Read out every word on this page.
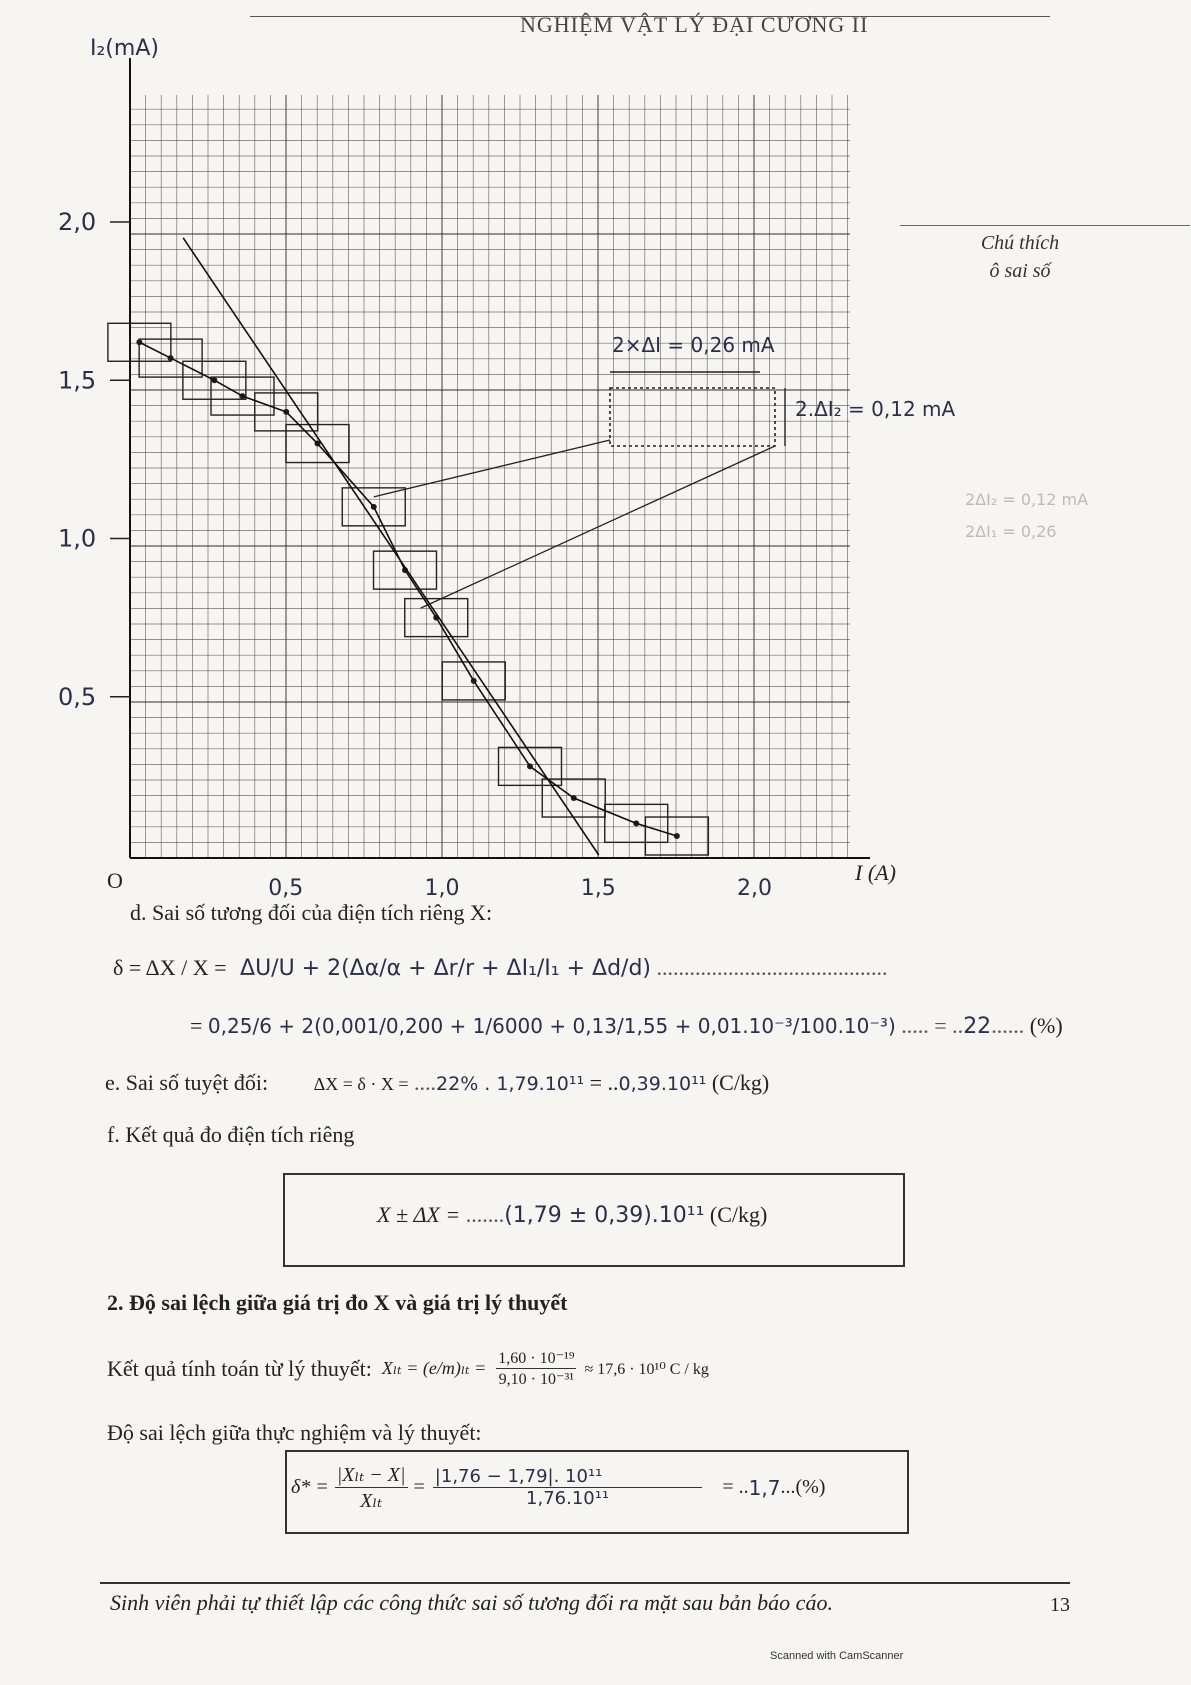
NGHIỆM VẬT LÝ ĐẠI CƯƠNG II
2,0
1,5
1,0
0,5
0,5	1,0	1,5	2,0
I₂(mA)
I (A)
O
2×ΔI = 0,26 mA
2.ΔI₂ = 0,12 mA
Chú thích
ô sai số
2ΔI₂ = 0,12 mA
2ΔI₁ = 0,26
d. Sai số tương đối của điện tích riêng X:
δ = ΔX / X = ΔU/U + 2(Δα/α + Δr/r + ΔI₁/I₁ + Δd/d) ..........................................
= 0,25/6 + 2(0,001/0,200 + 1/6000 + 0,13/1,55 + 0,01.10⁻³/100.10⁻³) ..... = ..22...... (%)
e. Sai số tuyệt đối:	ΔX = δ · X = ....22% . 1,79.10¹¹ = ..0,39.10¹¹ (C/kg)
f. Kết quả đo điện tích riêng
X ± ΔX = .......(1,79 ± 0,39).10¹¹ (C/kg)
2. Độ sai lệch giữa giá trị đo X và giá trị lý thuyết
Kết quả tính toán từ lý thuyết: $X_{lt} = (e/m)_{lt} = \frac{\text{1,60 · 10⁻¹⁹}}{\text{9,10 · 10⁻³¹}} \approx 17,6 \cdot 10^{10}$ C / kg
Độ sai lệch giữa thực nghiệm và lý thuyết:
$\delta* = \frac{\text{|Xₗₜ − X|}}{\text{Xₗₜ}} = \frac{\text{|1,76 − 1,79|. 10¹¹}}{\text{1,76.10¹¹}}$ = .. 1,7 ... (%)
Sinh viên phải tự thiết lập các công thức sai số tương đối ra mặt sau bản báo cáo.	13
Scanned with CamScanner
